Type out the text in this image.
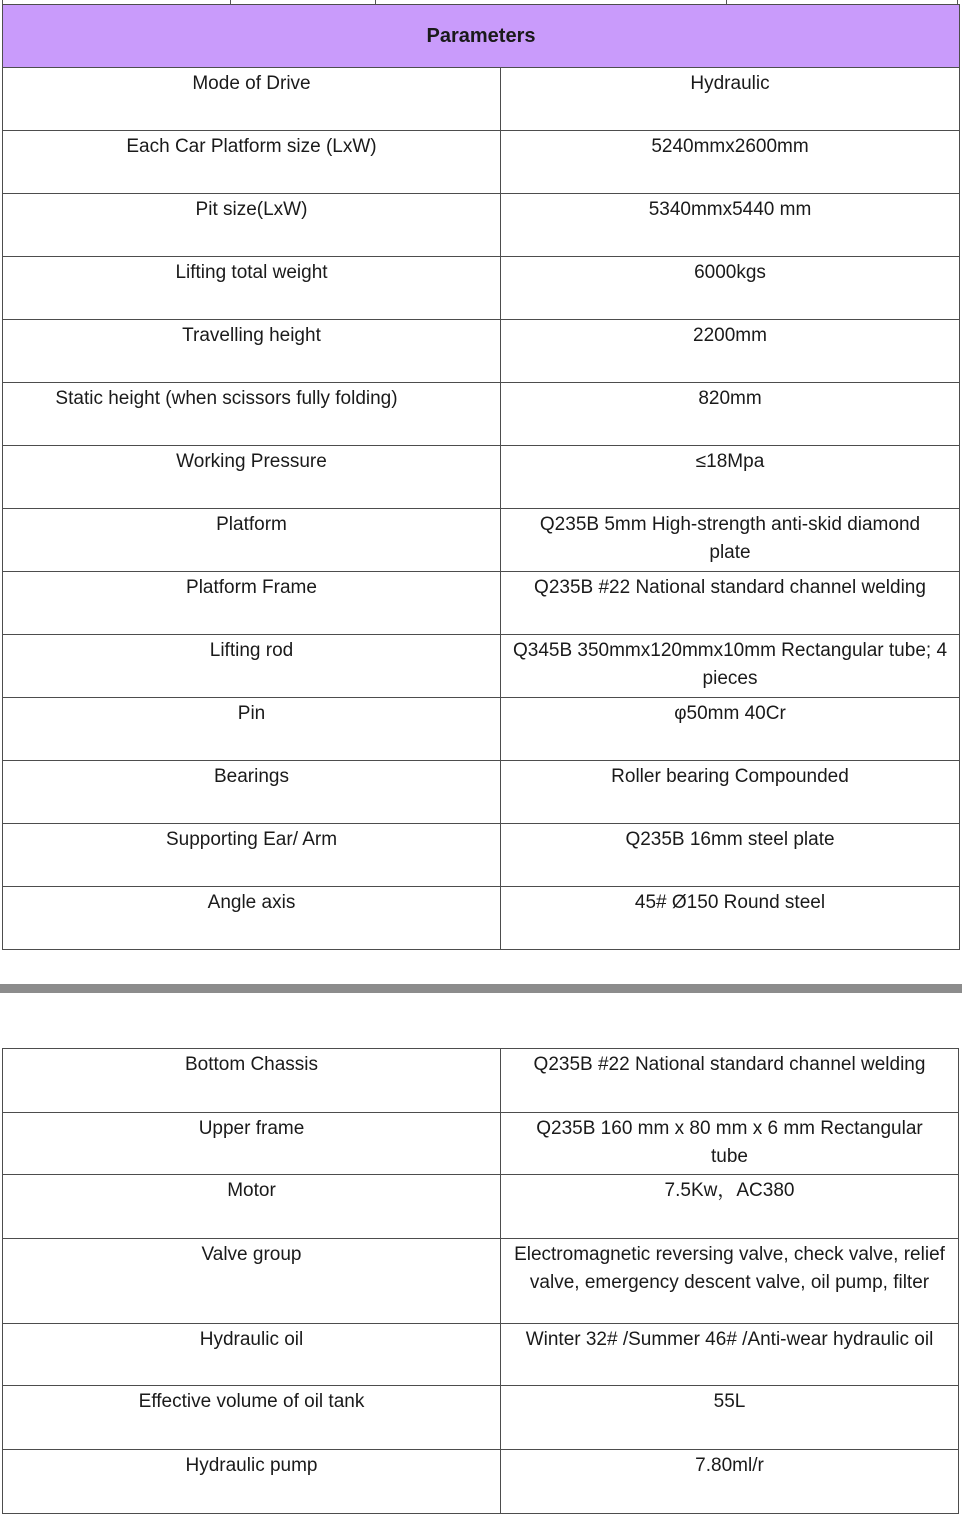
Parameters	
Mode of Drive	Hydraulic
Each Car Platform size (LxW)	5240mmx2600mm
Pit size(LxW)	5340mmx5440 mm
Lifting total weight	6000kgs
Travelling height	2200mm
Static height (when scissors fully folding)	820mm
Working Pressure	≤18Mpa
Platform	Q235B 5mm High-strength anti-skid diamond plate
Platform Frame	Q235B #22 National standard channel welding
Lifting rod	Q345B 350mmx120mmx10mm Rectangular tube; 4 pieces
Pin	φ50mm 40Cr
Bearings	Roller bearing Compounded
Supporting Ear/ Arm	Q235B 16mm steel plate
Angle axis	45# Ø150 Round steel
Bottom Chassis	Q235B #22 National standard channel welding
Upper frame	Q235B 160 mm x 80 mm x 6 mm Rectangular tube
Motor	7.5Kw，AC380
Valve group	Electromagnetic reversing valve, check valve, relief valve, emergency descent valve, oil pump, filter
Hydraulic oil	Winter 32# /Summer 46# /Anti-wear hydraulic oil
Effective volume of oil tank	55L
Hydraulic pump	7.80ml/r
